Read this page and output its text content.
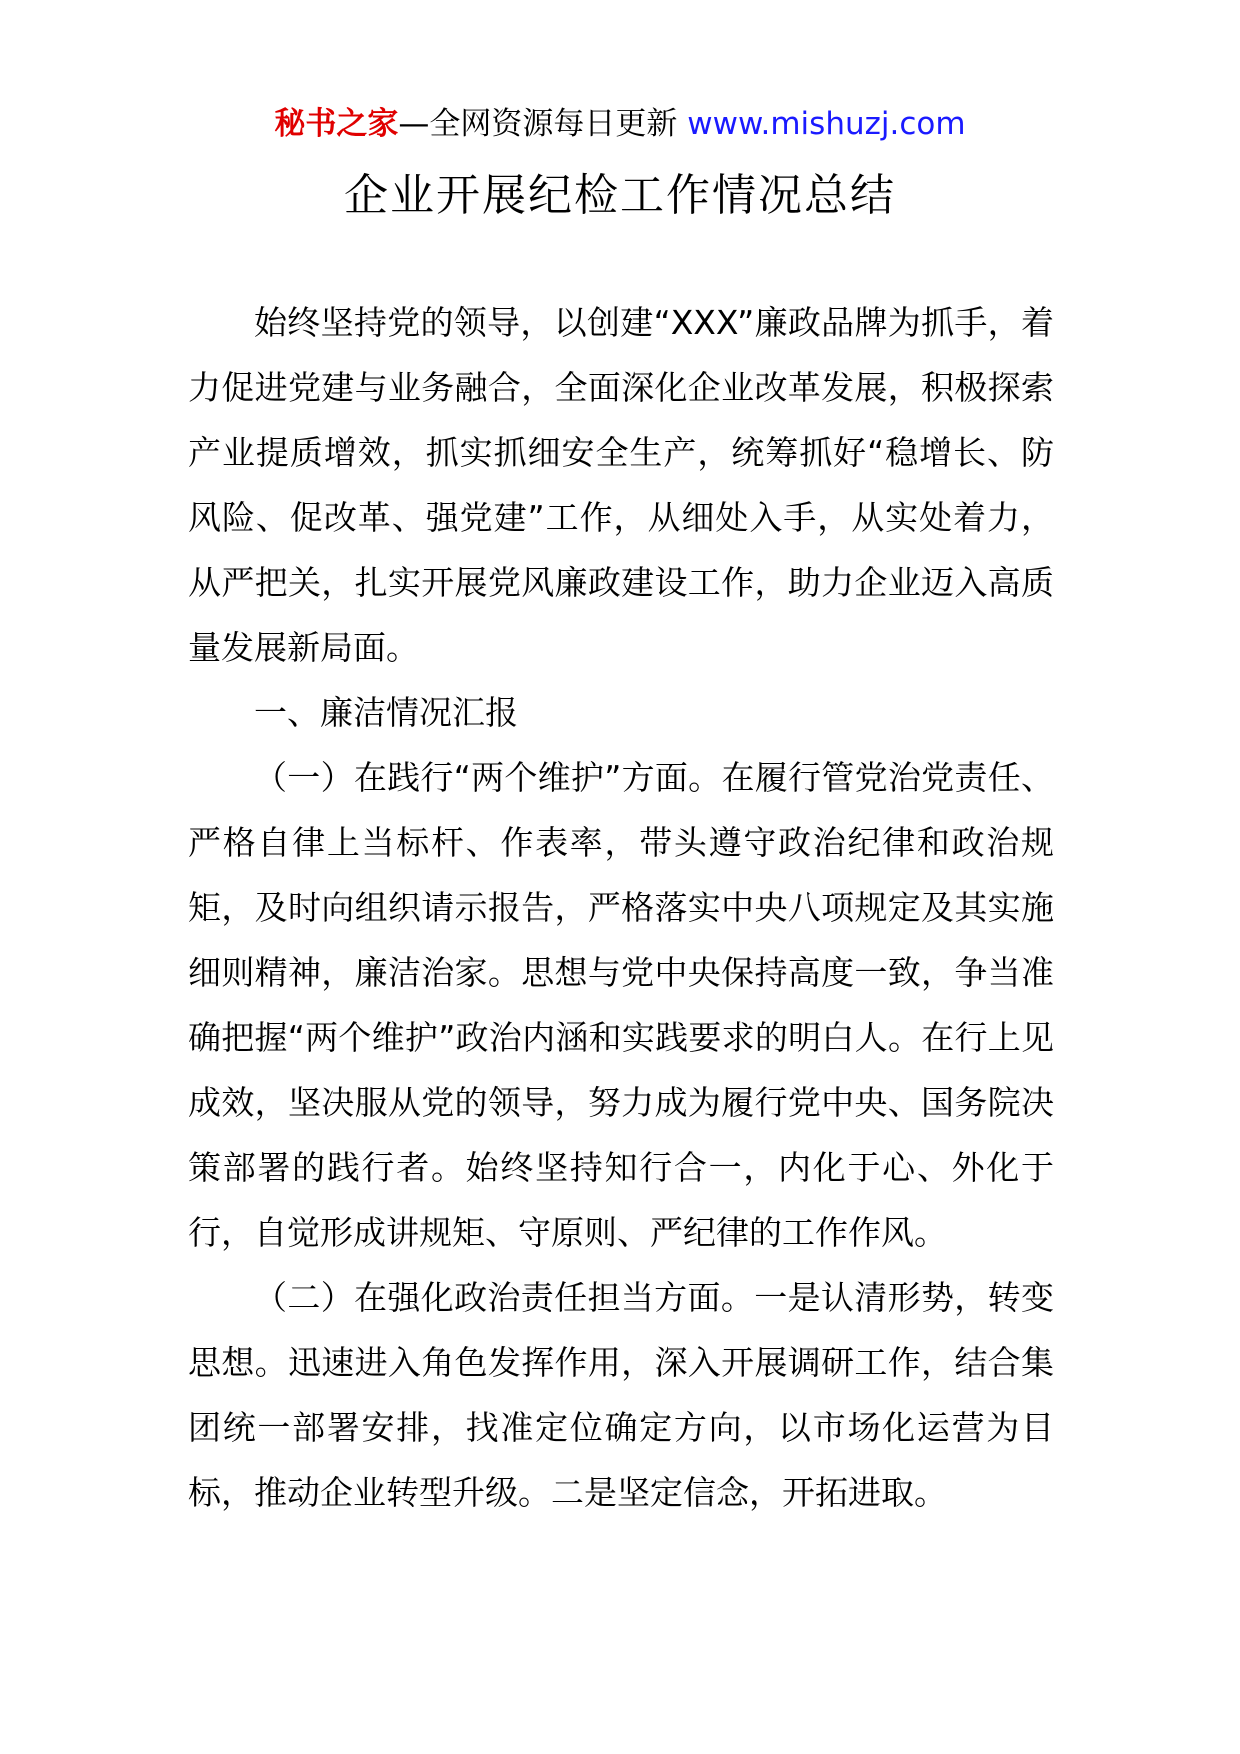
秘书之家—全网资源每日更新 www.mishuzj.com
企业开展纪检工作情况总结

始终坚持党的领导，以创建“XXX”廉政品牌为抓手，着力促进党建与业务融合，全面深化企业改革发展，积极探索产业提质增效，抓实抓细安全生产，统筹抓好“稳增长、防风险、促改革、强党建”工作，从细处入手，从实处着力，从严把关，扎实开展党风廉政建设工作，助力企业迈入高质量发展新局面。

一、廉洁情况汇报

（一）在践行“两个维护”方面。在履行管党治党责任、严格自律上当标杆、作表率，带头遵守政治纪律和政治规矩，及时向组织请示报告，严格落实中央八项规定及其实施细则精神，廉洁治家。思想与党中央保持高度一致，争当准确把握“两个维护”政治内涵和实践要求的明白人。在行上见成效，坚决服从党的领导，努力成为履行党中央、国务院决策部署的践行者。始终坚持知行合一，内化于心、外化于行，自觉形成讲规矩、守原则、严纪律的工作作风。

（二）在强化政治责任担当方面。一是认清形势，转变思想。迅速进入角色发挥作用，深入开展调研工作，结合集团统一部署安排，找准定位确定方向，以市场化运营为目标，推动企业转型升级。二是坚定信念，开拓进取。
